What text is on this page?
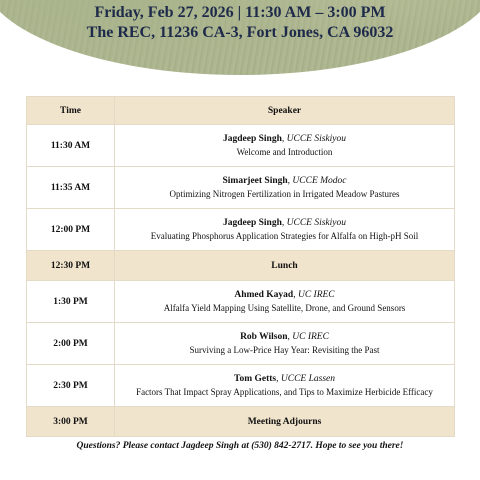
Friday, Feb 27, 2026 | 11:30 AM – 3:00 PM
The REC, 11236 CA-3, Fort Jones, CA 96032
Time	Speaker
11:30 AM	Jagdeep Singh, UCCE Siskiyou
Welcome and Introduction

11:35 AM	Simarjeet Singh, UCCE Modoc
Optimizing Nitrogen Fertilization in Irrigated Meadow Pastures

12:00 PM	Jagdeep Singh, UCCE Siskiyou
Evaluating Phosphorus Application Strategies for Alfalfa on High-pH Soil

12:30 PM	Lunch
1:30 PM	Ahmed Kayad, UC IREC
Alfalfa Yield Mapping Using Satellite, Drone, and Ground Sensors

2:00 PM	Rob Wilson, UC IREC
Surviving a Low-Price Hay Year: Revisiting the Past

2:30 PM	Tom Getts, UCCE Lassen
Factors That Impact Spray Applications, and Tips to Maximize Herbicide Efficacy

3:00 PM	Meeting Adjourns
Questions? Please contact Jagdeep Singh at (530) 842-2717. Hope to see you there!
